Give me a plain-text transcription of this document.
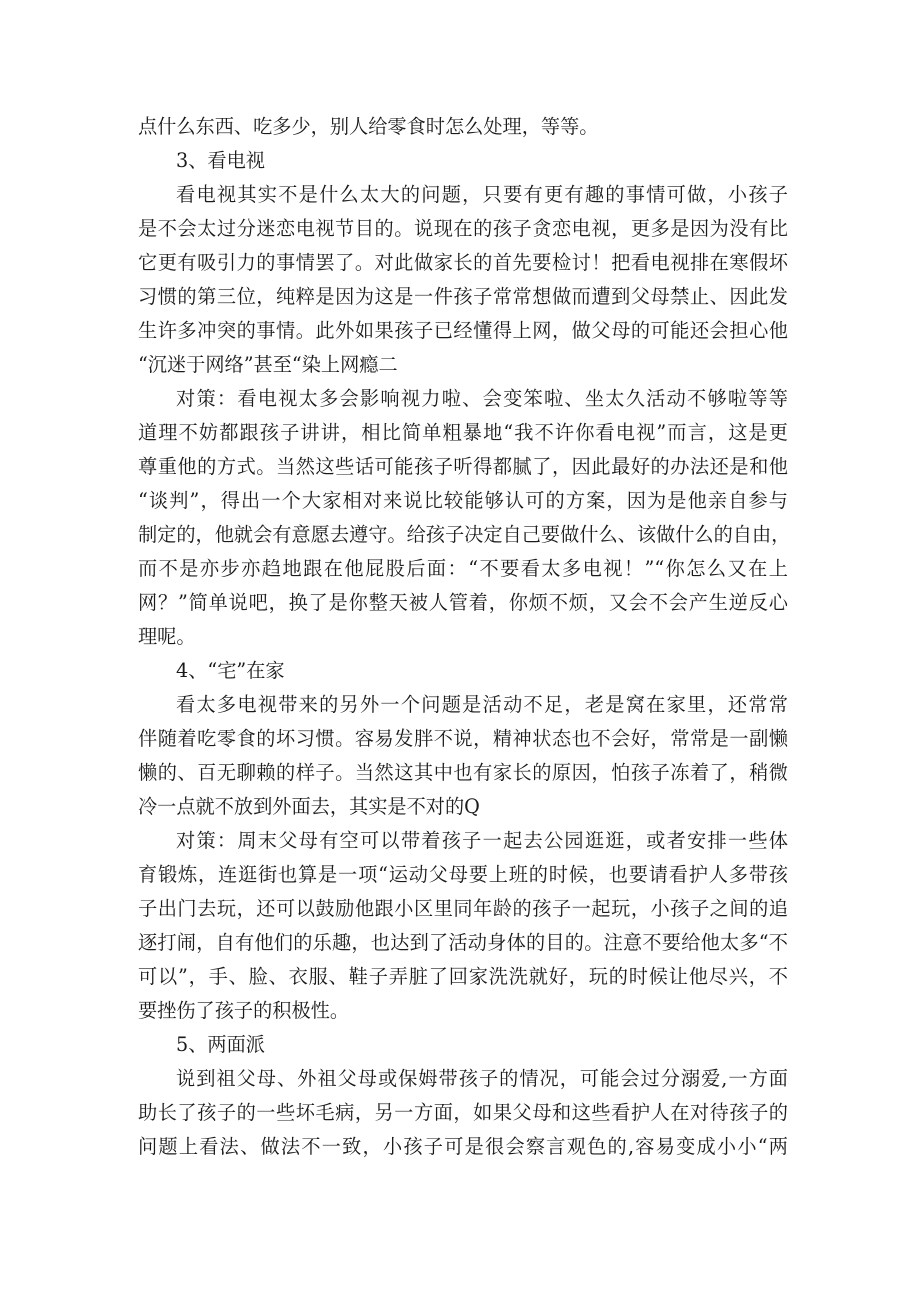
点什么东西、吃多少，别人给零食时怎么处理，等等。
3、看电视
看电视其实不是什么太大的问题，只要有更有趣的事情可做，小孩子
是不会太过分迷恋电视节目的。说现在的孩子贪恋电视，更多是因为没有比
它更有吸引力的事情罢了。对此做家长的首先要检讨！把看电视排在寒假坏
习惯的第三位，纯粹是因为这是一件孩子常常想做而遭到父母禁止、因此发
生许多冲突的事情。此外如果孩子已经懂得上网，做父母的可能还会担心他
“沉迷于网络”甚至“染上网瘾二
对策：看电视太多会影响视力啦、会变笨啦、坐太久活动不够啦等等
道理不妨都跟孩子讲讲，相比简单粗暴地“我不许你看电视”而言，这是更
尊重他的方式。当然这些话可能孩子听得都腻了，因此最好的办法还是和他
“谈判”，得出一个大家相对来说比较能够认可的方案，因为是他亲自参与
制定的，他就会有意愿去遵守。给孩子决定自己要做什么、该做什么的自由，
而不是亦步亦趋地跟在他屁股后面：“不要看太多电视！”“你怎么又在上
网？”简单说吧，换了是你整天被人管着，你烦不烦，又会不会产生逆反心
理呢。
4、“宅”在家
看太多电视带来的另外一个问题是活动不足，老是窝在家里，还常常
伴随着吃零食的坏习惯。容易发胖不说，精神状态也不会好，常常是一副懒
懒的、百无聊赖的样子。当然这其中也有家长的原因，怕孩子冻着了，稍微
冷一点就不放到外面去，其实是不对的Q
对策：周末父母有空可以带着孩子一起去公园逛逛，或者安排一些体
育锻炼，连逛街也算是一项“运动父母要上班的时候，也要请看护人多带孩
子出门去玩，还可以鼓励他跟小区里同年龄的孩子一起玩，小孩子之间的追
逐打闹，自有他们的乐趣，也达到了活动身体的目的。注意不要给他太多“不
可以”，手、脸、衣服、鞋子弄脏了回家洗洗就好，玩的时候让他尽兴，不
要挫伤了孩子的积极性。
5、两面派
说到祖父母、外祖父母或保姆带孩子的情况，可能会过分溺爱,一方面
助长了孩子的一些坏毛病，另一方面，如果父母和这些看护人在对待孩子的
问题上看法、做法不一致，小孩子可是很会察言观色的,容易变成小小“两
